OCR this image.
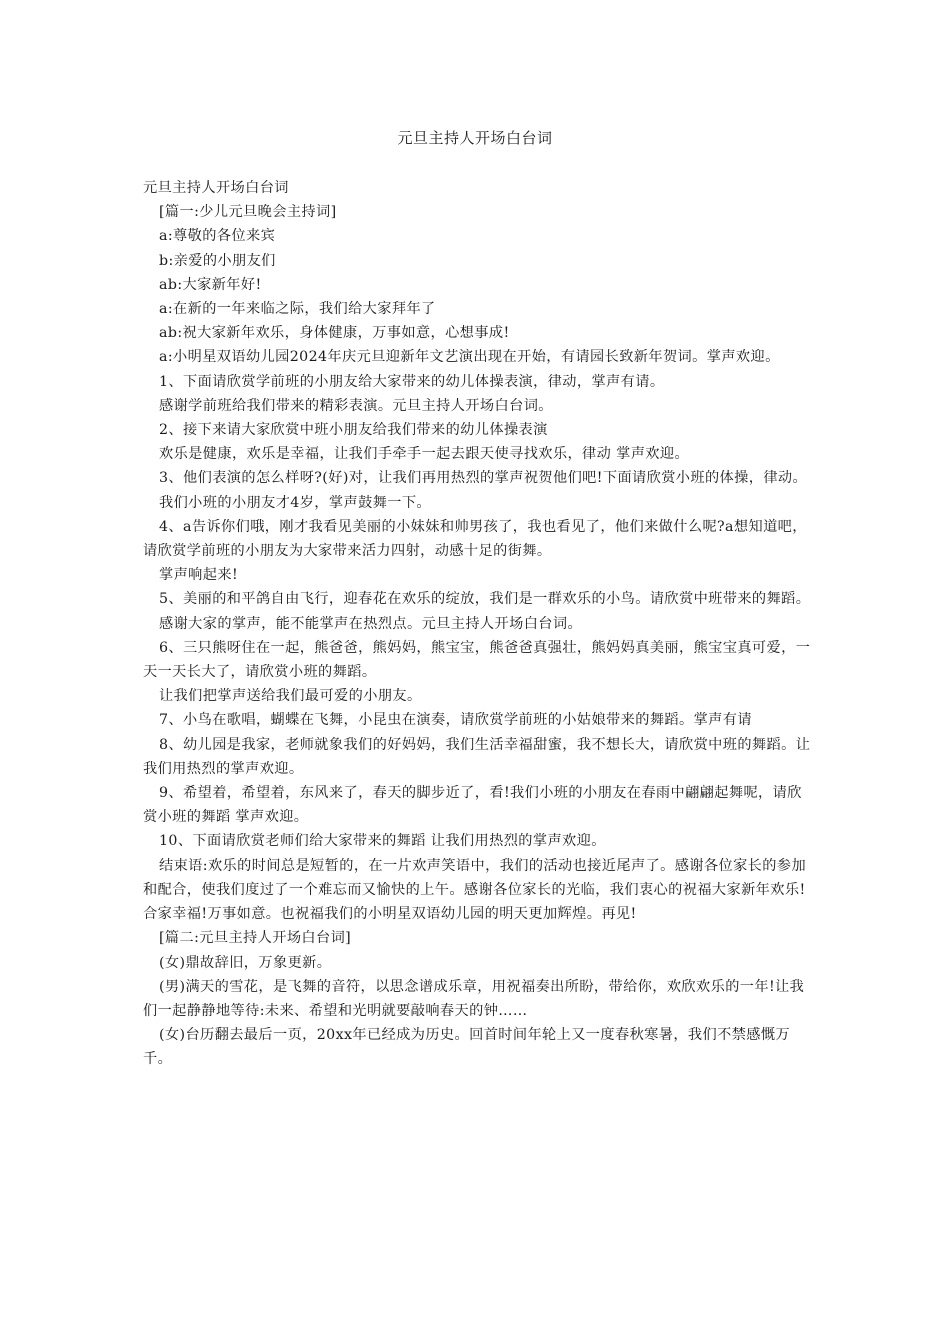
元旦主持人开场白台词

元旦主持人开场白台词

[篇一:少儿元旦晚会主持词]

a:尊敬的各位来宾

b:亲爱的小朋友们

ab:大家新年好!

a:在新的一年来临之际，我们给大家拜年了

ab:祝大家新年欢乐，身体健康，万事如意，心想事成!

a:小明星双语幼儿园2024年庆元旦迎新年文艺演出现在开始，有请园长致新年贺词。掌声欢迎。

1、下面请欣赏学前班的小朋友给大家带来的幼儿体操表演，律动，掌声有请。

感谢学前班给我们带来的精彩表演。元旦主持人开场白台词。

2、接下来请大家欣赏中班小朋友给我们带来的幼儿体操表演

欢乐是健康，欢乐是幸福，让我们手牵手一起去跟天使寻找欢乐，律动 掌声欢迎。

3、他们表演的怎么样呀?(好)对，让我们再用热烈的掌声祝贺他们吧!下面请欣赏小班的体操，律动。

我们小班的小朋友才4岁，掌声鼓舞一下。

4、a告诉你们哦，刚才我看见美丽的小妹妹和帅男孩了，我也看见了，他们来做什么呢?a想知道吧，请欣赏学前班的小朋友为大家带来活力四射，动感十足的街舞。

掌声响起来!

5、美丽的和平鸽自由飞行，迎春花在欢乐的绽放，我们是一群欢乐的小鸟。请欣赏中班带来的舞蹈。

感谢大家的掌声，能不能掌声在热烈点。元旦主持人开场白台词。

6、三只熊呀住在一起，熊爸爸，熊妈妈，熊宝宝，熊爸爸真强壮，熊妈妈真美丽，熊宝宝真可爱，一天一天长大了，请欣赏小班的舞蹈。

让我们把掌声送给我们最可爱的小朋友。

7、小鸟在歌唱，蝴蝶在飞舞，小昆虫在演奏，请欣赏学前班的小姑娘带来的舞蹈。掌声有请

8、幼儿园是我家，老师就象我们的好妈妈，我们生活幸福甜蜜，我不想长大，请欣赏中班的舞蹈。让我们用热烈的掌声欢迎。

9、希望着，希望着，东风来了，春天的脚步近了，看!我们小班的小朋友在春雨中翩翩起舞呢，请欣赏小班的舞蹈 掌声欢迎。

10、下面请欣赏老师们给大家带来的舞蹈 让我们用热烈的掌声欢迎。

结束语:欢乐的时间总是短暂的，在一片欢声笑语中，我们的活动也接近尾声了。感谢各位家长的参加和配合，使我们度过了一个难忘而又愉快的上午。感谢各位家长的光临，我们衷心的祝福大家新年欢乐!合家幸福!万事如意。也祝福我们的小明星双语幼儿园的明天更加辉煌。再见!

[篇二:元旦主持人开场白台词]

(女)鼎故辞旧，万象更新。

(男)满天的雪花，是飞舞的音符，以思念谱成乐章，用祝福奏出所盼，带给你，欢欣欢乐的一年!让我们一起静静地等待:未来、希望和光明就要敲响春天的钟……

(女)台历翻去最后一页，20xx年已经成为历史。回首时间年轮上又一度春秋寒暑，我们不禁感慨万千。
